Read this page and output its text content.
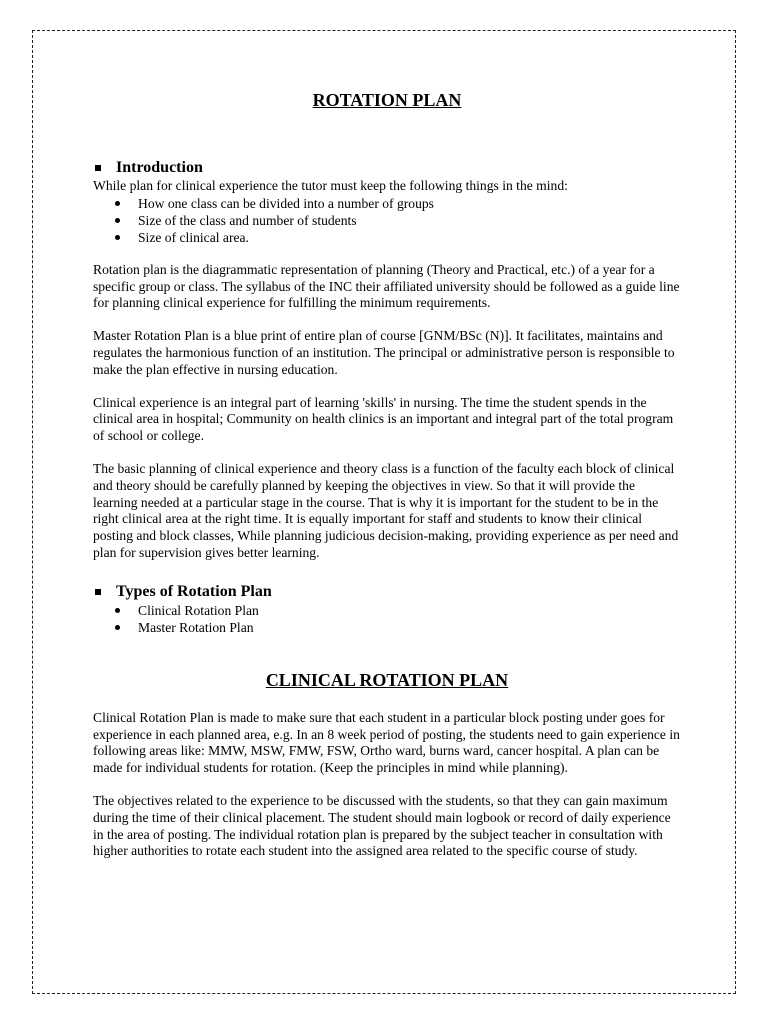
ROTATION PLAN
Introduction

While plan for clinical experience the tutor must keep the following things in the mind:

How one class can be divided into a number of groups
Size of the class and number of students
Size of clinical area.

Rotation plan is the diagrammatic representation of planning (Theory and Practical, etc.) of a year for a specific group or class. The syllabus of the INC their affiliated university should be followed as a guide line for planning clinical experience for fulfilling the minimum requirements.

Master Rotation Plan is a blue print of entire plan of course [GNM/BSc (N)]. It facilitates, maintains and regulates the harmonious function of an institution. The principal or administrative person is responsible to make the plan effective in nursing education.

Clinical experience is an integral part of learning 'skills' in nursing. The time the student spends in the clinical area in hospital; Community on health clinics is an important and integral part of the total program of school or college.

The basic planning of clinical experience and theory class is a function of the faculty each block of clinical and theory should be carefully planned by keeping the objectives in view. So that it will provide the learning needed at a particular stage in the course. That is why it is important for the student to be in the right clinical area at the right time. It is equally important for staff and students to know their clinical posting and block classes, While planning judicious decision-making, providing experience as per need and plan for supervision gives better learning.

Types of Rotation Plan
Clinical Rotation Plan
Master Rotation Plan
CLINICAL ROTATION PLAN

Clinical Rotation Plan is made to make sure that each student in a particular block posting under goes for experience in each planned area, e.g. In an 8 week period of posting, the students need to gain experience in following areas like: MMW, MSW, FMW, FSW, Ortho ward, burns ward, cancer hospital. A plan can be made for individual students for rotation. (Keep the principles in mind while planning).

The objectives related to the experience to be discussed with the students, so that they can gain maximum during the time of their clinical placement. The student should main logbook or record of daily experience in the area of posting. The individual rotation plan is prepared by the subject teacher in consultation with higher authorities to rotate each student into the assigned area related to the specific course of study.
